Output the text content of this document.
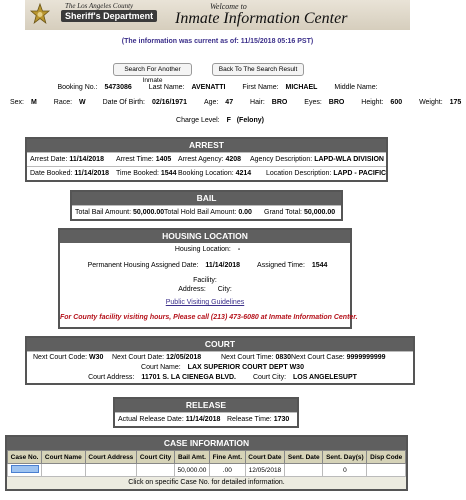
The Los Angeles County
Sheriff's Department
Welcome to
Inmate Information Center
(The information was current as of: 11/15/2018 05:16 PST)
Search For Another Inmate
Back To The Search Result
Booking No.: 5473086 Last Name: AVENATTI First Name: MICHAEL Middle Name:
Sex: M Race: W Date Of Birth: 02/16/1971 Age: 47 Hair: BRO Eyes: BRO Height: 600 Weight: 175
Charge Level: F (Felony)
ARREST
Arrest Date: 11/14/2018 Arrest Time: 1405 Arrest Agency: 4208 Agency Description: LAPD-WLA DIVISION
Date Booked: 11/14/2018 Time Booked: 1544 Booking Location: 4214 Location Description: LAPD - PACIFIC
BAIL
Total Bail Amount: 50,000.00 Total Hold Bail Amount: 0.00 Grand Total: 50,000.00
HOUSING LOCATION
Housing Location: -
Permanent Housing Assigned Date: 11/14/2018 Assigned Time: 1544
Facility:
Address: City:
Public Visiting Guidelines
For County facility visiting hours, Please call (213) 473-6080 at Inmate Information Center.
COURT
Next Court Code: W30 Next Court Date: 12/05/2018	Next Court Time: 0830 Next Court Case: 9999999999
Court Name: LAX SUPERIOR COURT DEPT W30
Court Address: 11701 S. LA CIENEGA BLVD. Court City: LOS ANGELESUPT
RELEASE
Actual Release Date: 11/14/2018 Release Time: 1730
CASE INFORMATION
Case No.	Court Name	Court Address	Court City	Bail Amt.	Fine Amt.	Court Date	Sent. Date	Sent. Day(s)	Disp Code
				50,000.00	.00	12/05/2018		0	
Click on specific Case No. for detailed information.
